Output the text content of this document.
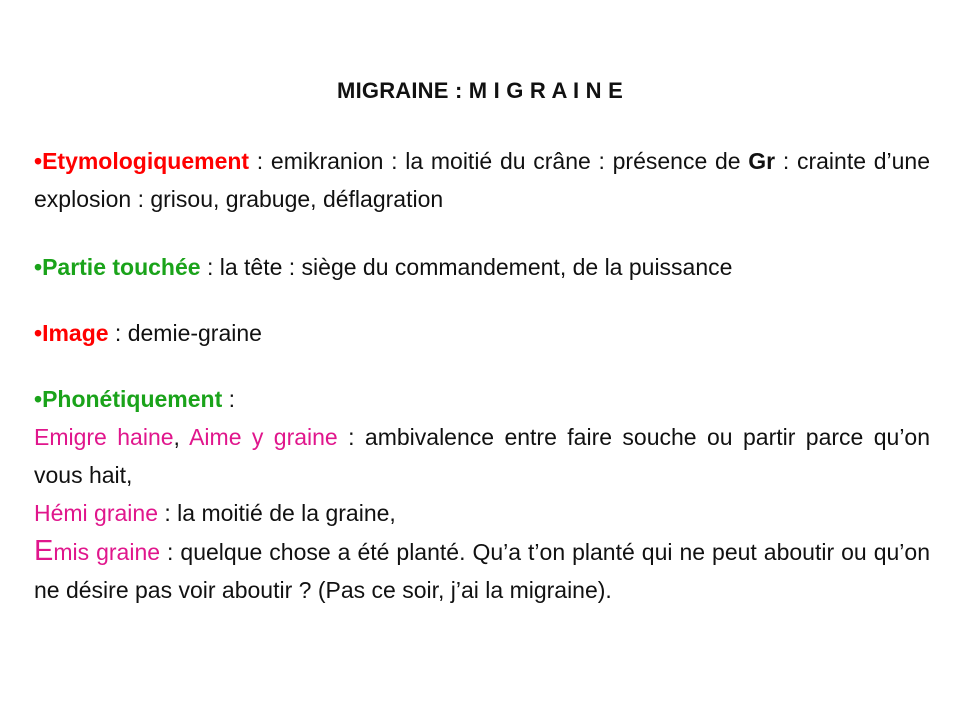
MIGRAINE : M I G R A I N E
•Etymologiquement : emikranion : la moitié du crâne : présence de Gr : crainte d’une explosion : grisou, grabuge, déflagration
•Partie touchée : la tête : siège du commandement, de la puissance
•Image : demie-graine
•Phonétiquement :
Emigre haine, Aime y graine : ambivalence entre faire souche ou partir parce qu’on vous hait,
Hémi graine : la moitié de la graine,
Emis graine : quelque chose a été planté. Qu’a t’on planté qui ne peut aboutir ou qu’on ne désire pas voir aboutir ? (Pas ce soir, j’ai la migraine).
